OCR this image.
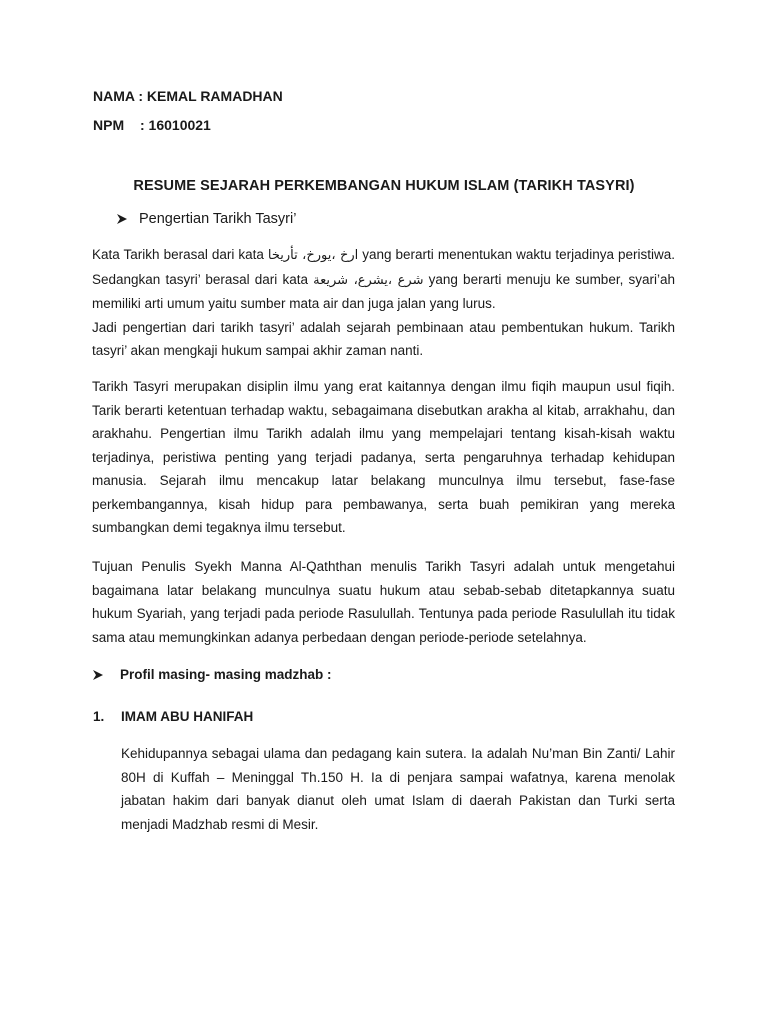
NAMA : KEMAL RAMADHAN
NPM	: 16010021
RESUME SEJARAH PERKEMBANGAN HUKUM ISLAM (TARIKH TASYRI)
Pengertian Tarikh Tasyri’

Kata Tarikh berasal dari kata ارخ ،يورخ، تأريخا yang berarti menentukan waktu terjadinya peristiwa. Sedangkan tasyri’ berasal dari kata شرع ،يشرع، شريعة yang berarti menuju ke sumber, syari’ah memiliki arti umum yaitu sumber mata air dan juga jalan yang lurus.

Jadi pengertian dari tarikh tasyri’ adalah sejarah pembinaan atau pembentukan hukum. Tarikh tasyri’ akan mengkaji hukum sampai akhir zaman nanti.

Tarikh Tasyri merupakan disiplin ilmu yang erat kaitannya dengan ilmu fiqih maupun usul fiqih. Tarik berarti ketentuan terhadap waktu, sebagaimana disebutkan arakha al kitab, arrakhahu, dan arakhahu. Pengertian ilmu Tarikh adalah ilmu yang mempelajari tentang kisah-kisah waktu terjadinya, peristiwa penting yang terjadi padanya, serta pengaruhnya terhadap kehidupan manusia. Sejarah ilmu mencakup latar belakang munculnya ilmu tersebut, fase-fase perkembangannya, kisah hidup para pembawanya, serta buah pemikiran yang mereka sumbangkan demi tegaknya ilmu tersebut.
Tujuan Penulis Syekh Manna Al-Qaththan menulis Tarikh Tasyri adalah untuk mengetahui bagaimana latar belakang munculnya suatu hukum atau sebab-sebab ditetapkannya suatu hukum Syariah, yang terjadi pada periode Rasulullah. Tentunya pada periode Rasulullah itu tidak sama atau memungkinkan adanya perbedaan dengan periode-periode setelahnya.
Profil masing- masing madzhab :
1.	IMAM ABU HANIFAH
Kehidupannya sebagai ulama dan pedagang kain sutera. Ia adalah Nu’man Bin Zanti/ Lahir 80H di Kuffah – Meninggal Th.150 H. Ia di penjara sampai wafatnya, karena menolak jabatan hakim dari banyak dianut oleh umat Islam di daerah Pakistan dan Turki serta menjadi Madzhab resmi di Mesir.
